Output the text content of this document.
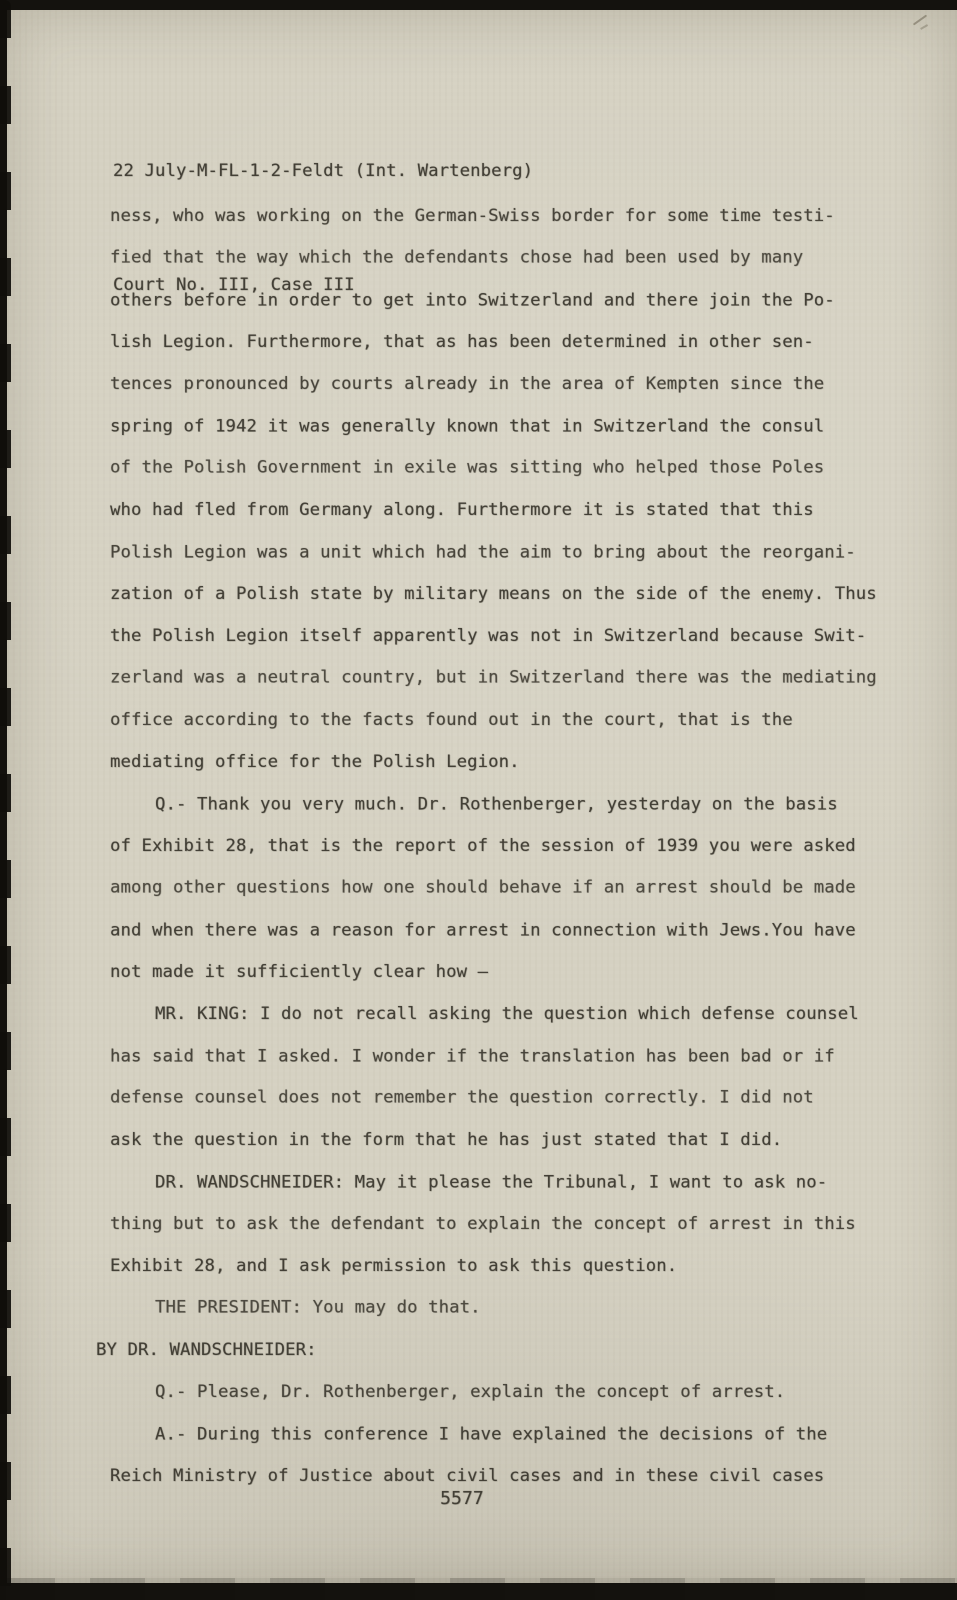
22 July-M-FL-1-2-Feldt (Int. Wartenberg)

Court No. III, Case III

ness, who was working on the German-Swiss border for some time testi-
fied that the way which the defendants chose had been used by many
others before in order to get into Switzerland and there join the Po-
lish Legion. Furthermore, that as has been determined in other sen-
tences pronounced by courts already in the area of Kempten since the
spring of 1942 it was generally known that in Switzerland the consul
of the Polish Government in exile was sitting who helped those Poles
who had fled from Germany along. Furthermore it is stated that this
Polish Legion was a unit which had the aim to bring about the reorgani-
zation of a Polish state by military means on the side of the enemy. Thus
the Polish Legion itself apparently was not in Switzerland because Swit-
zerland was a neutral country, but in Switzerland there was the mediating
office according to the facts found out in the court, that is the
mediating office for the Polish Legion.
Q.- Thank you very much. Dr. Rothenberger, yesterday on the basis
of Exhibit 28, that is the report of the session of 1939 you were asked
among other questions how one should behave if an arrest should be made
and when there was a reason for arrest in connection with Jews.You have
not made it sufficiently clear how —
MR. KING: I do not recall asking the question which defense counsel
has said that I asked. I wonder if the translation has been bad or if
defense counsel does not remember the question correctly. I did not
ask the question in the form that he has just stated that I did.
DR. WANDSCHNEIDER: May it please the Tribunal, I want to ask no-
thing but to ask the defendant to explain the concept of arrest in this
Exhibit 28, and I ask permission to ask this question.
THE PRESIDENT: You may do that.
BY DR. WANDSCHNEIDER:
Q.- Please, Dr. Rothenberger, explain the concept of arrest.
A.- During this conference I have explained the decisions of the
Reich Ministry of Justice about civil cases and in these civil cases
5577
